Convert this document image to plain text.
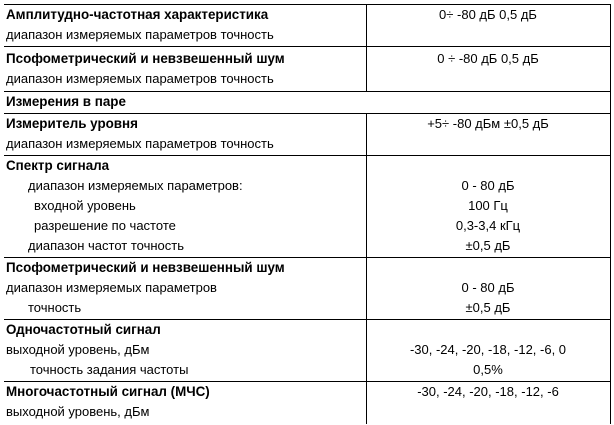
Амплитудно-частотная характеристика	0÷ -80 дБ 0,5 дБ
диапазон измеряемых параметров точность
Псофометрический и невзвешенный шум	0 ÷ -80 дБ 0,5 дБ
диапазон измеряемых параметров точность
Измерения в паре
Измеритель уровня	+5÷ -80 дБм ±0,5 дБ
диапазон измеряемых параметров точность
Спектр сигнала
диапазон измеряемых параметров:	0 - 80 дБ
входной уровень	100 Гц
разрешение по частоте	0,3-3,4 кГц
диапазон частот точность	±0,5 дБ
Псофометрический и невзвешенный шум
диапазон измеряемых параметров	0 - 80 дБ
точность	±0,5 дБ
Одночастотный сигнал
выходной уровень, дБм	-30, -24, -20, -18, -12, -6, 0
точность задания частоты	0,5%
Многочастотный сигнал (МЧС)	-30, -24, -20, -18, -12, -6
выходной уровень, дБм
